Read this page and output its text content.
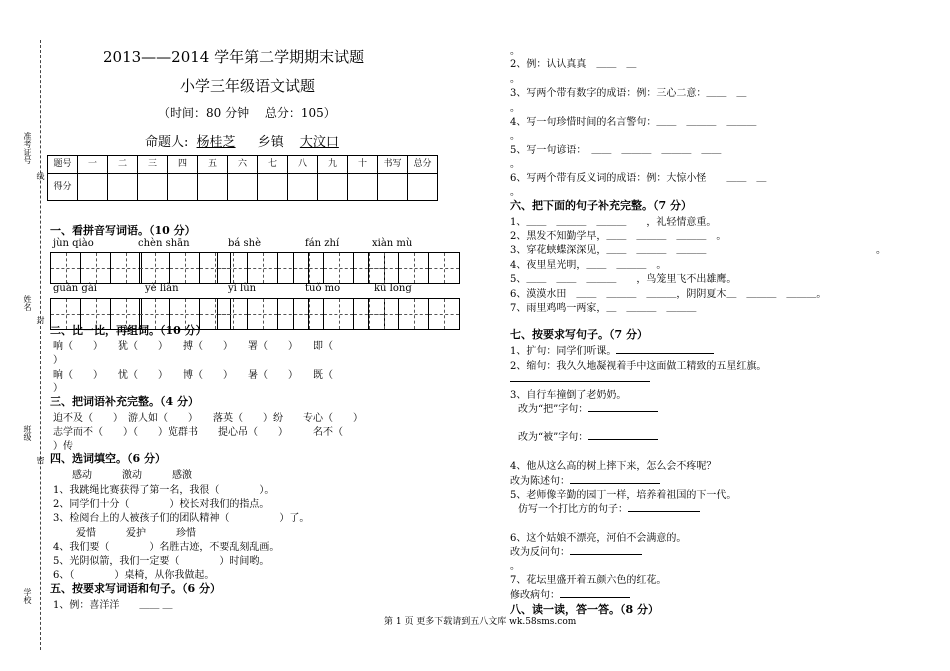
准考证号
线
姓名
封
班级
密
学校
2013——2014 学年第二学期期末试题
小学三年级语文试题
（时间：80 分钟　 总分：105）
命题人: 杨桂芝 乡镇 大汶口
题号	一	二	三	四	五	六	七	八	九	十	书写	总分
得分												
一、看拼音写词语。（10 分）
jùn qiào	chèn shān	bá shè	fán zhí	xiàn mù
guàn gài	yě liàn	yì lùn	tuǒ mo	kū long
二、比一比，再组词。（10 分）
响（　　）　　犹（　　）　　搏（　　）　　署（　　）　　即（
）
晌（　　）　　忧（　　）　　博（　　）　　暑（　　）　　既（
）
三、把词语补充完整。（4 分）
迫不及（　　）　游人如（　　）　　落英（　　）纷　　专心（　　）
志学而不（　　）（　　）览群书　　提心吊（　　）　　　名不（　　
）传
四、选词填空。（6 分）
感动　　　激动　　　感激
1、我跳绳比赛获得了第一名，我很（　　　　）。
2、同学们十分（　　　　）校长对我们的指点。
3、检阅台上的人被孩子们的团队精神（　　　　　）了。
爱惜　　　爱护　　　珍惜
4、我们要（　　　　）名胜古迹，不要乱刻乱画。
5、光阴似箭，我们一定要（　　　　）时间哟。
6、（　　　　）桌椅，从你我做起。
五、按要求写词语和句子。（6 分）
1、例：喜洋洋　　＿＿ ＿
。
2、例：认认真真　＿＿　＿
。
3、写两个带有数字的成语：例：三心二意：＿＿　＿
。
4、写一句珍惜时间的名言警句：＿＿　＿＿＿　＿＿＿
。
5、写一句谚语：　＿＿　＿＿＿　＿＿＿　＿＿
。
6、写两个带有反义词的成语：例：大惊小怪　　＿＿　＿
。
六、把下面的句子补充完整。（7 分）
1、＿＿　＿＿＿　＿＿＿　　，礼轻情意重。
2、黑发不知勤学早，＿＿　＿＿＿　＿＿＿　。
3、穿花蛱蝶深深见，＿＿　＿＿＿　＿＿＿	。
4、夜里星光明，＿＿　＿＿＿　。
5、＿＿　＿＿　＿＿＿　　，鸟笼里飞不出雄鹰。
6、漠漠水田　＿＿　＿＿＿　＿＿＿，阴阴夏木＿　＿＿＿　＿＿＿。
7、雨里鸡鸣一两家，＿　＿＿＿　＿＿＿
七、按要求写句子。（7 分）
1、扩句：同学们听课。
2、缩句：我久久地凝视着手中这面做工精致的五星红旗。
3、自行车撞倒了老奶奶。
改为“把”字句：
改为“被”字句：
4、他从这么高的树上摔下来，怎么会不疼呢？
改为陈述句：
5、老师像辛勤的园丁一样，培养着祖国的下一代。
仿写一个打比方的句子：
6、这个姑娘不漂亮，河伯不会满意的。
改为反问句：
。
7、花坛里盛开着五颜六色的红花。
修改病句：
八、读一读，答一答。（8 分）
第 1 页 更多下载请到五八文库 wk.58sms.com
